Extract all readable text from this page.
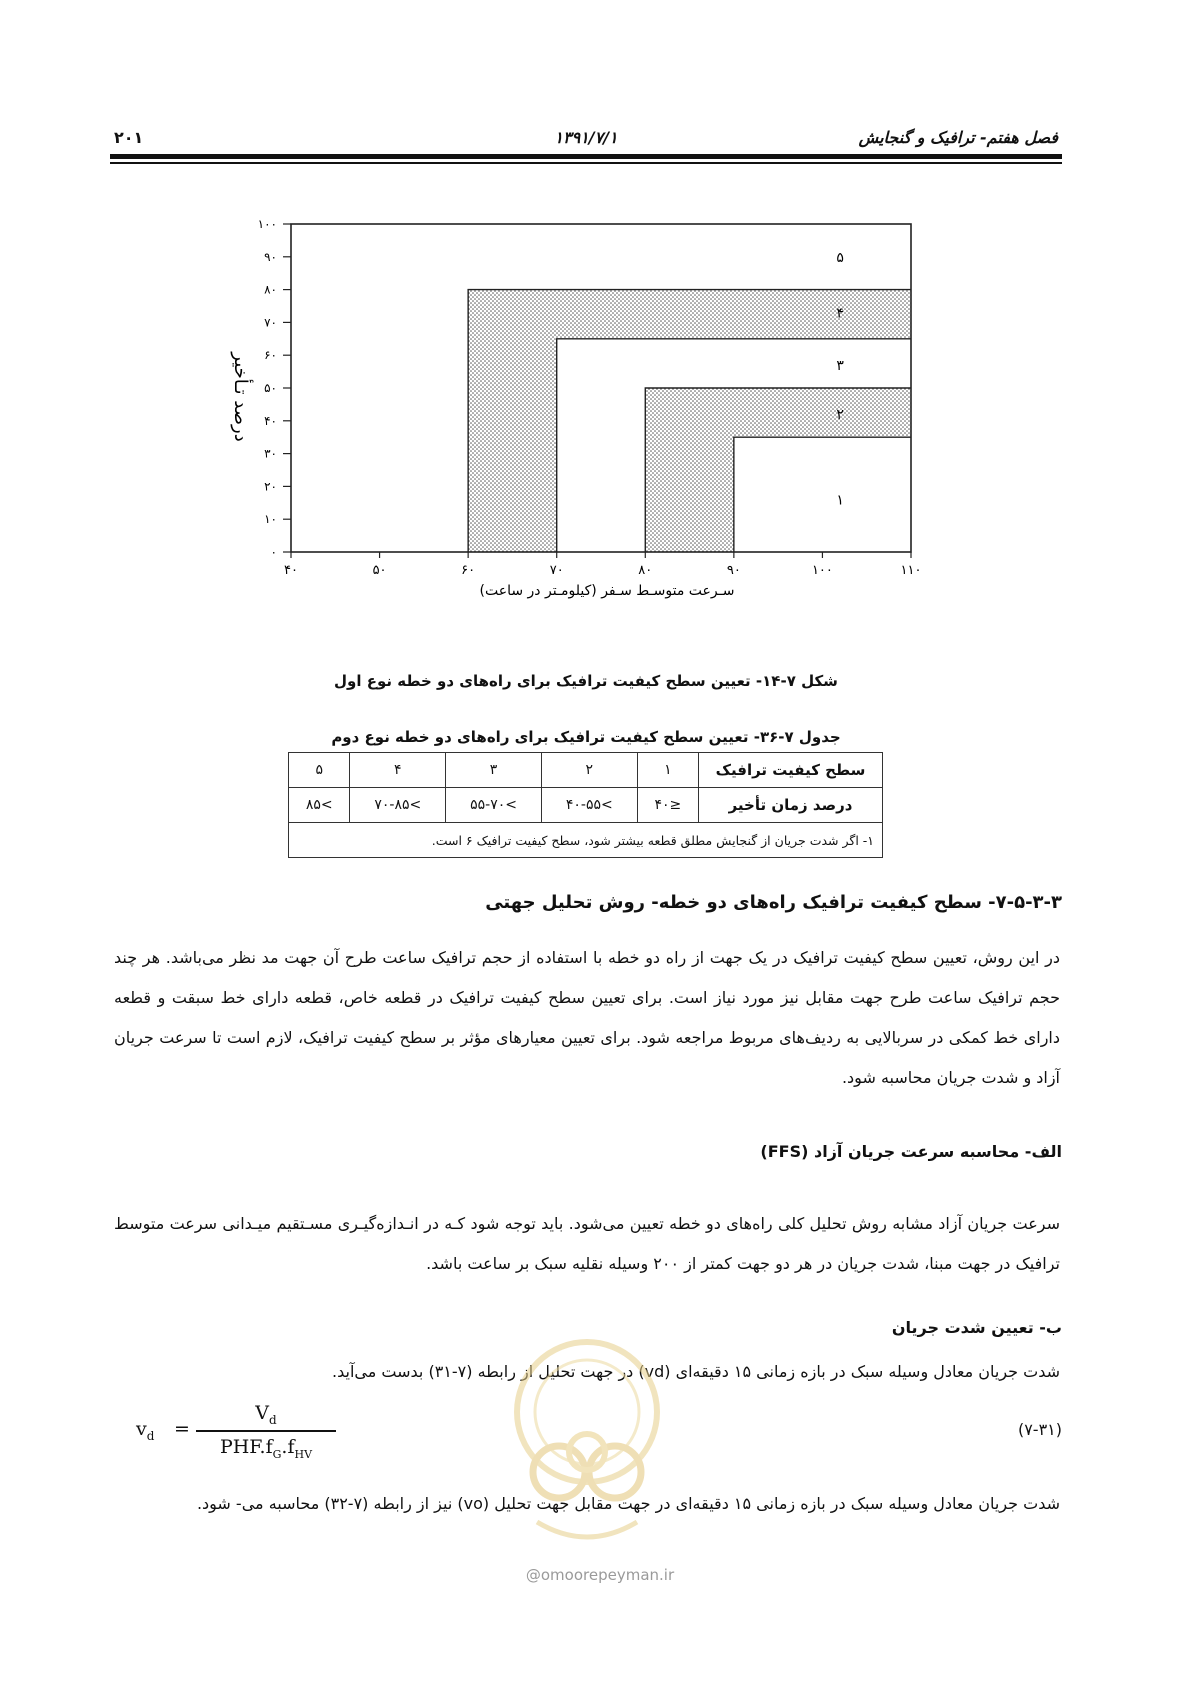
۲۰۱	۱۳۹۱/۷/۱	فصل هفتم- ترافیک و گنجایش
۴۰	۵۰	۶۰	۷۰	۸۰	۹۰	۱۰۰	۱۱۰
۰
۱۰
۲۰
۳۰
۴۰
۵۰
۶۰
۷۰
۸۰
۹۰
۱۰۰
۵
۴
۳
۲
۱
سـرعت متوسـط سـفر (کیلومـتر در ساعت)
درصد تـأخیر
شکل ۷-۱۴- تعیین سطح کیفیت ترافیک برای راه‌های دو خطه نوع اول
جدول ۷-۳۶- تعیین سطح کیفیت ترافیک برای راه‌های دو خطه نوع دوم
سطح کیفیت ترافیک	۱	۲	۳	۴	۵
درصد زمان تأخیر	≤۴۰	>۴۰-۵۵	>۵۵-۷۰	>۷۰-۸۵	>۸۵
۱- اگر شدت جریان از گنجایش مطلق قطعه بیشتر شود، سطح کیفیت ترافیک ۶ است.					
۷-۵-۳-۳- سطح کیفیت ترافیک راه‌های دو خطه- روش تحلیل جهتی
در این روش، تعیین سطح کیفیت ترافیک در یک جهت از راه دو خطه با استفاده از حجم ترافیک ساعت طرح آن جهت مد نظر می‌باشد. هر چند حجم ترافیک ساعت طرح جهت مقابل نیز مورد نیاز است. برای تعیین سطح کیفیت ترافیک در قطعه خاص، قطعه دارای خط سبقت و قطعه دارای خط کمکی در سربالایی به ردیف‌های مربوط مراجعه شود. برای تعیین معیارهای مؤثر بر سطح کیفیت ترافیک، لازم است تا سرعت جریان آزاد و شدت جریان محاسبه شود.
الف- محاسبه سرعت جریان آزاد (FFS)
سرعت جریان آزاد مشابه روش تحلیل کلی راه‌های دو خطه تعیین می‌شود. باید توجه شود کـه در انـدازه‌گیـری مسـتقیم میـدانی سرعت متوسط ترافیک در جهت مبنا، شدت جریان در هر دو جهت کمتر از ۲۰۰ وسیله نقلیه سبک بر ساعت باشد.
ب- تعیین شدت جریان
شدت جریان معادل وسیله سبک در بازه زمانی ۱۵ دقیقه‌ای (vd) در جهت تحلیل از رابطه (۷-۳۱) بدست می‌آید.
$v_d$ =
$V_d$
$PHF.f_G.f_{HV}$
(۷-۳۱)
شدت جریان معادل وسیله سبک در بازه زمانی ۱۵ دقیقه‌ای در جهت مقابل جهت تحلیل (vo) نیز از رابطه (۷-۳۲) محاسبه می- شود.
@omoorepeyman.ir
